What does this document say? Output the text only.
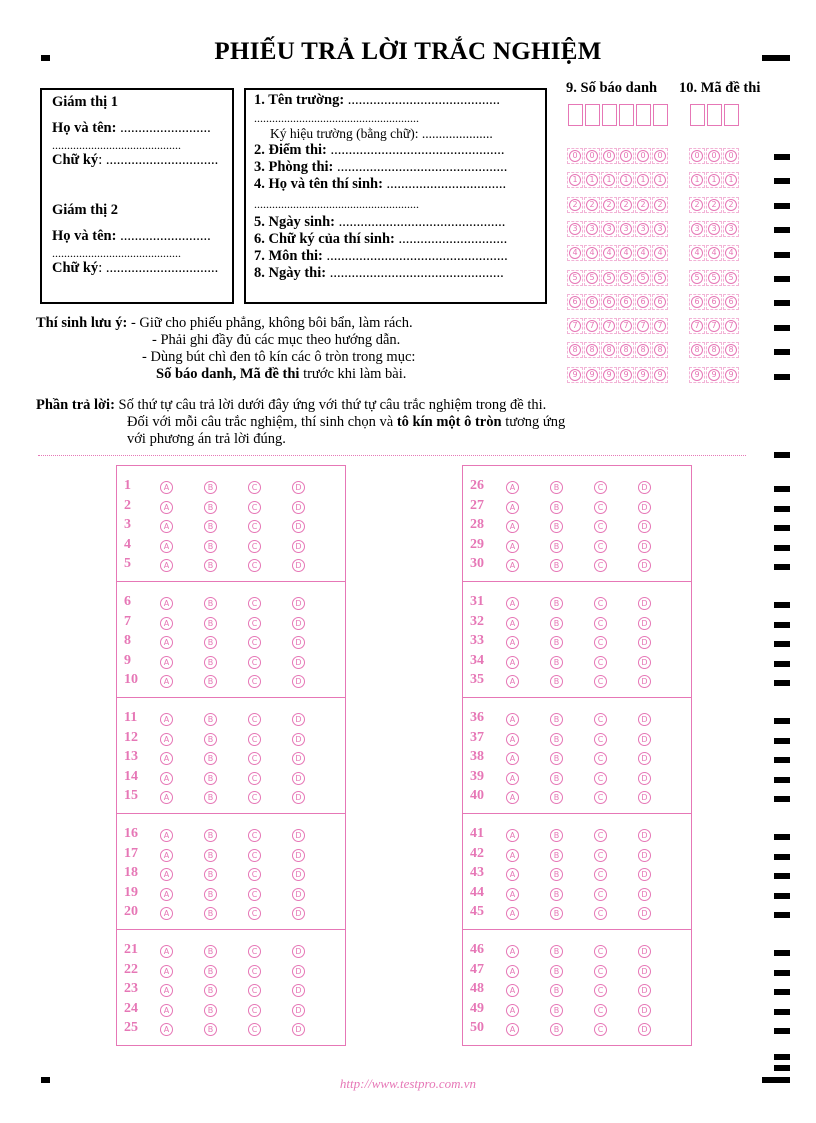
PHIẾU TRẢ LỜI TRẮC NGHIỆM
Giám thị 1
Họ và tên: .........................
...........................................
Chữ ký: ...............................
Giám thị 2
Họ và tên: .........................
...........................................
Chữ ký: ...............................
1. Tên trường: ..........................................
.......................................................
Ký hiệu trường (bằng chữ): .....................
2. Điểm thi: ................................................
3. Phòng thi: ...............................................
4. Họ và tên thí sinh: .................................
.......................................................
5. Ngày sinh: ..............................................
6. Chữ ký của thí sinh: ..............................
7. Môn thi: ..................................................
8. Ngày thi: ................................................
9. Số báo danh 10. Mã đề thi
0	0	0	0	0	0
1	1	1	1	1	1
2	2	2	2	2	2
3	3	3	3	3	3
4	4	4	4	4	4
5	5	5	5	5	5
6	6	6	6	6	6
7	7	7	7	7	7
8	8	8	8	8	8
9	9	9	9	9	9
0	0	0
1	1	1
2	2	2
3	3	3
4	4	4
5	5	5
6	6	6
7	7	7
8	8	8
9	9	9
Thí sinh lưu ý: - Giữ cho phiếu phẳng, không bôi bẩn, làm rách.
- Phải ghi đầy đủ các mục theo hướng dẫn.
- Dùng bút chì đen tô kín các ô tròn trong mục:
Số báo danh, Mã đề thi trước khi làm bài.
Phần trả lời: Số thứ tự câu trả lời dưới đây ứng với thứ tự câu trắc nghiệm trong đề thi.
Đối với mỗi câu trắc nghiệm, thí sinh chọn và tô kín một ô tròn tương ứng
với phương án trả lời đúng.
1	A	B	C	D
2	A	B	C	D
3	A	B	C	D
4	A	B	C	D
5	A	B	C	D
6	A	B	C	D
7	A	B	C	D
8	A	B	C	D
9	A	B	C	D
10	A	B	C	D
11	A	B	C	D
12	A	B	C	D
13	A	B	C	D
14	A	B	C	D
15	A	B	C	D
16	A	B	C	D
17	A	B	C	D
18	A	B	C	D
19	A	B	C	D
20	A	B	C	D
21	A	B	C	D
22	A	B	C	D
23	A	B	C	D
24	A	B	C	D
25	A	B	C	D
26	A	B	C	D
27	A	B	C	D
28	A	B	C	D
29	A	B	C	D
30	A	B	C	D
31	A	B	C	D
32	A	B	C	D
33	A	B	C	D
34	A	B	C	D
35	A	B	C	D
36	A	B	C	D
37	A	B	C	D
38	A	B	C	D
39	A	B	C	D
40	A	B	C	D
41	A	B	C	D
42	A	B	C	D
43	A	B	C	D
44	A	B	C	D
45	A	B	C	D
46	A	B	C	D
47	A	B	C	D
48	A	B	C	D
49	A	B	C	D
50	A	B	C	D
http://www.testpro.com.vn
